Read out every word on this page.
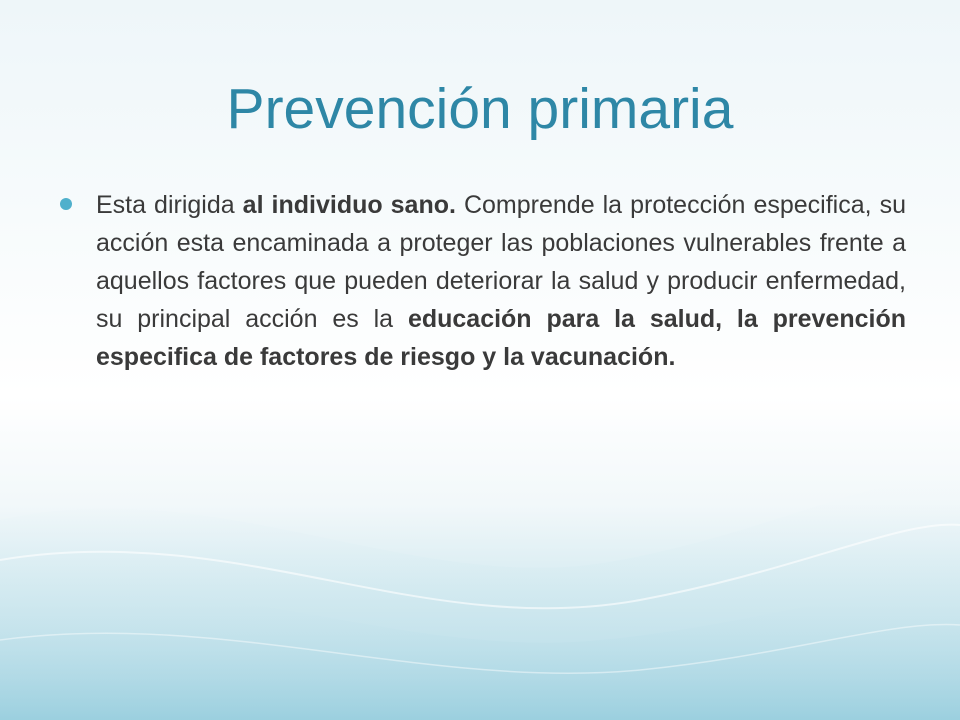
Prevención primaria

Esta dirigida al individuo sano. Comprende la protección especifica, su acción esta encaminada a proteger las poblaciones vulnerables frente a aquellos factores que pueden deteriorar la salud y producir enfermedad, su principal acción es la educación para la salud, la prevención especifica de factores de riesgo y la vacunación.
